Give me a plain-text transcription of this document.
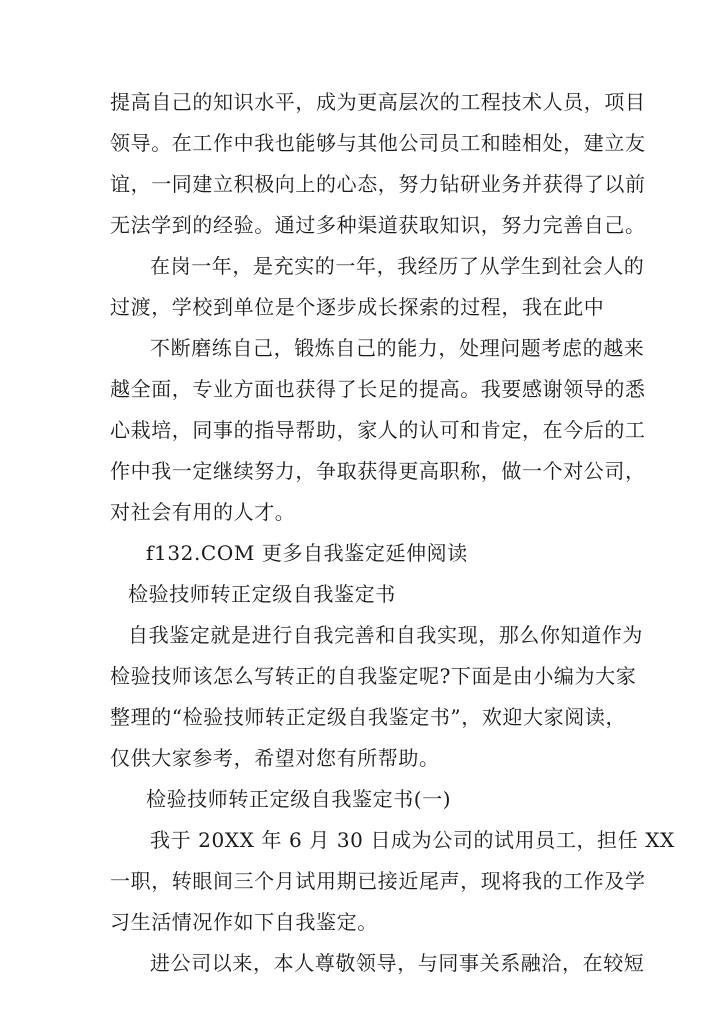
提高自己的知识水平，成为更高层次的工程技术人员，项目
领导。在工作中我也能够与其他公司员工和睦相处，建立友
谊，一同建立积极向上的心态，努力钻研业务并获得了以前
无法学到的经验。通过多种渠道获取知识，努力完善自己。
在岗一年，是充实的一年，我经历了从学生到社会人的
过渡，学校到单位是个逐步成长探索的过程，我在此中
不断磨练自己，锻炼自己的能力，处理问题考虑的越来
越全面，专业方面也获得了长足的提高。我要感谢领导的悉
心栽培，同事的指导帮助，家人的认可和肯定，在今后的工
作中我一定继续努力，争取获得更高职称，做一个对公司，
对社会有用的人才。
f132.COM 更多自我鉴定延伸阅读
检验技师转正定级自我鉴定书
自我鉴定就是进行自我完善和自我实现，那么你知道作为
检验技师该怎么写转正的自我鉴定呢?下面是由小编为大家
整理的“检验技师转正定级自我鉴定书”，欢迎大家阅读，
仅供大家参考，希望对您有所帮助。
检验技师转正定级自我鉴定书(一)
我于 20XX 年 6 月 30 日成为公司的试用员工，担任 XX
一职，转眼间三个月试用期已接近尾声，现将我的工作及学
习生活情况作如下自我鉴定。
进公司以来，本人尊敬领导，与同事关系融洽，在较短
